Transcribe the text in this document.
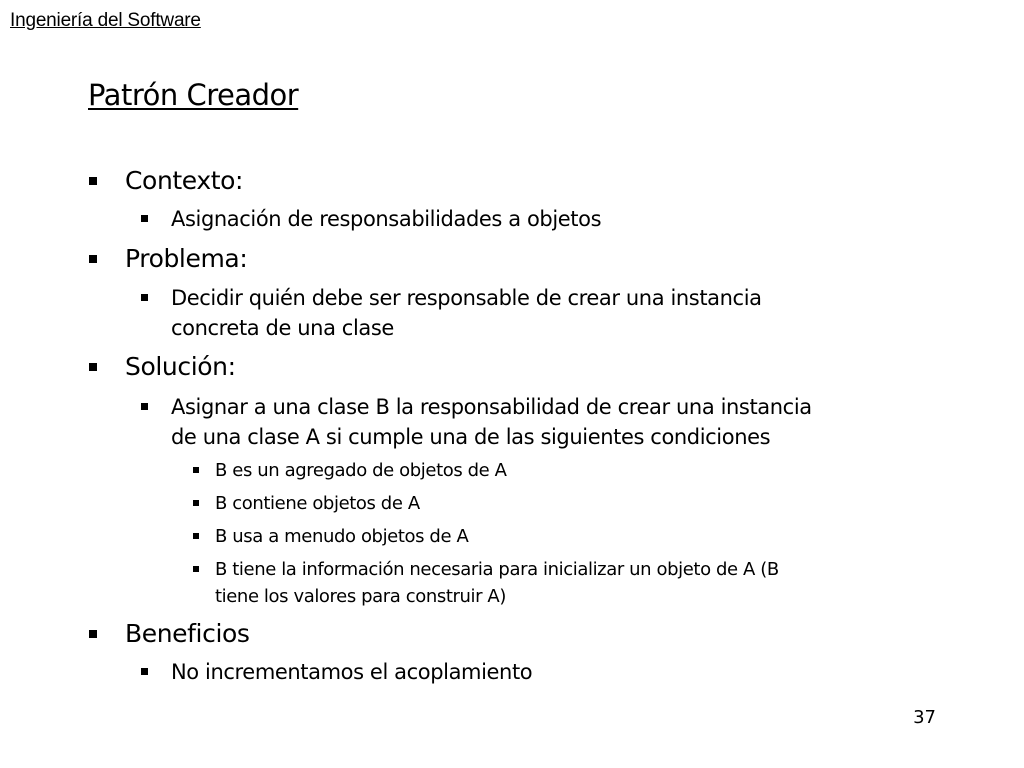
Ingeniería del Software
Patrón Creador
Contexto:
Asignación de responsabilidades a objetos
Problema:
Decidir quién debe ser responsable de crear una instancia
concreta de una clase
Solución:
Asignar a una clase B la responsabilidad de crear una instancia
de una clase A si cumple una de las siguientes condiciones
B es un agregado de objetos de A
B contiene objetos de A
B usa a menudo objetos de A
B tiene la información necesaria para inicializar un objeto de A (B
tiene los valores para construir A)
Beneficios
No incrementamos el acoplamiento
37
